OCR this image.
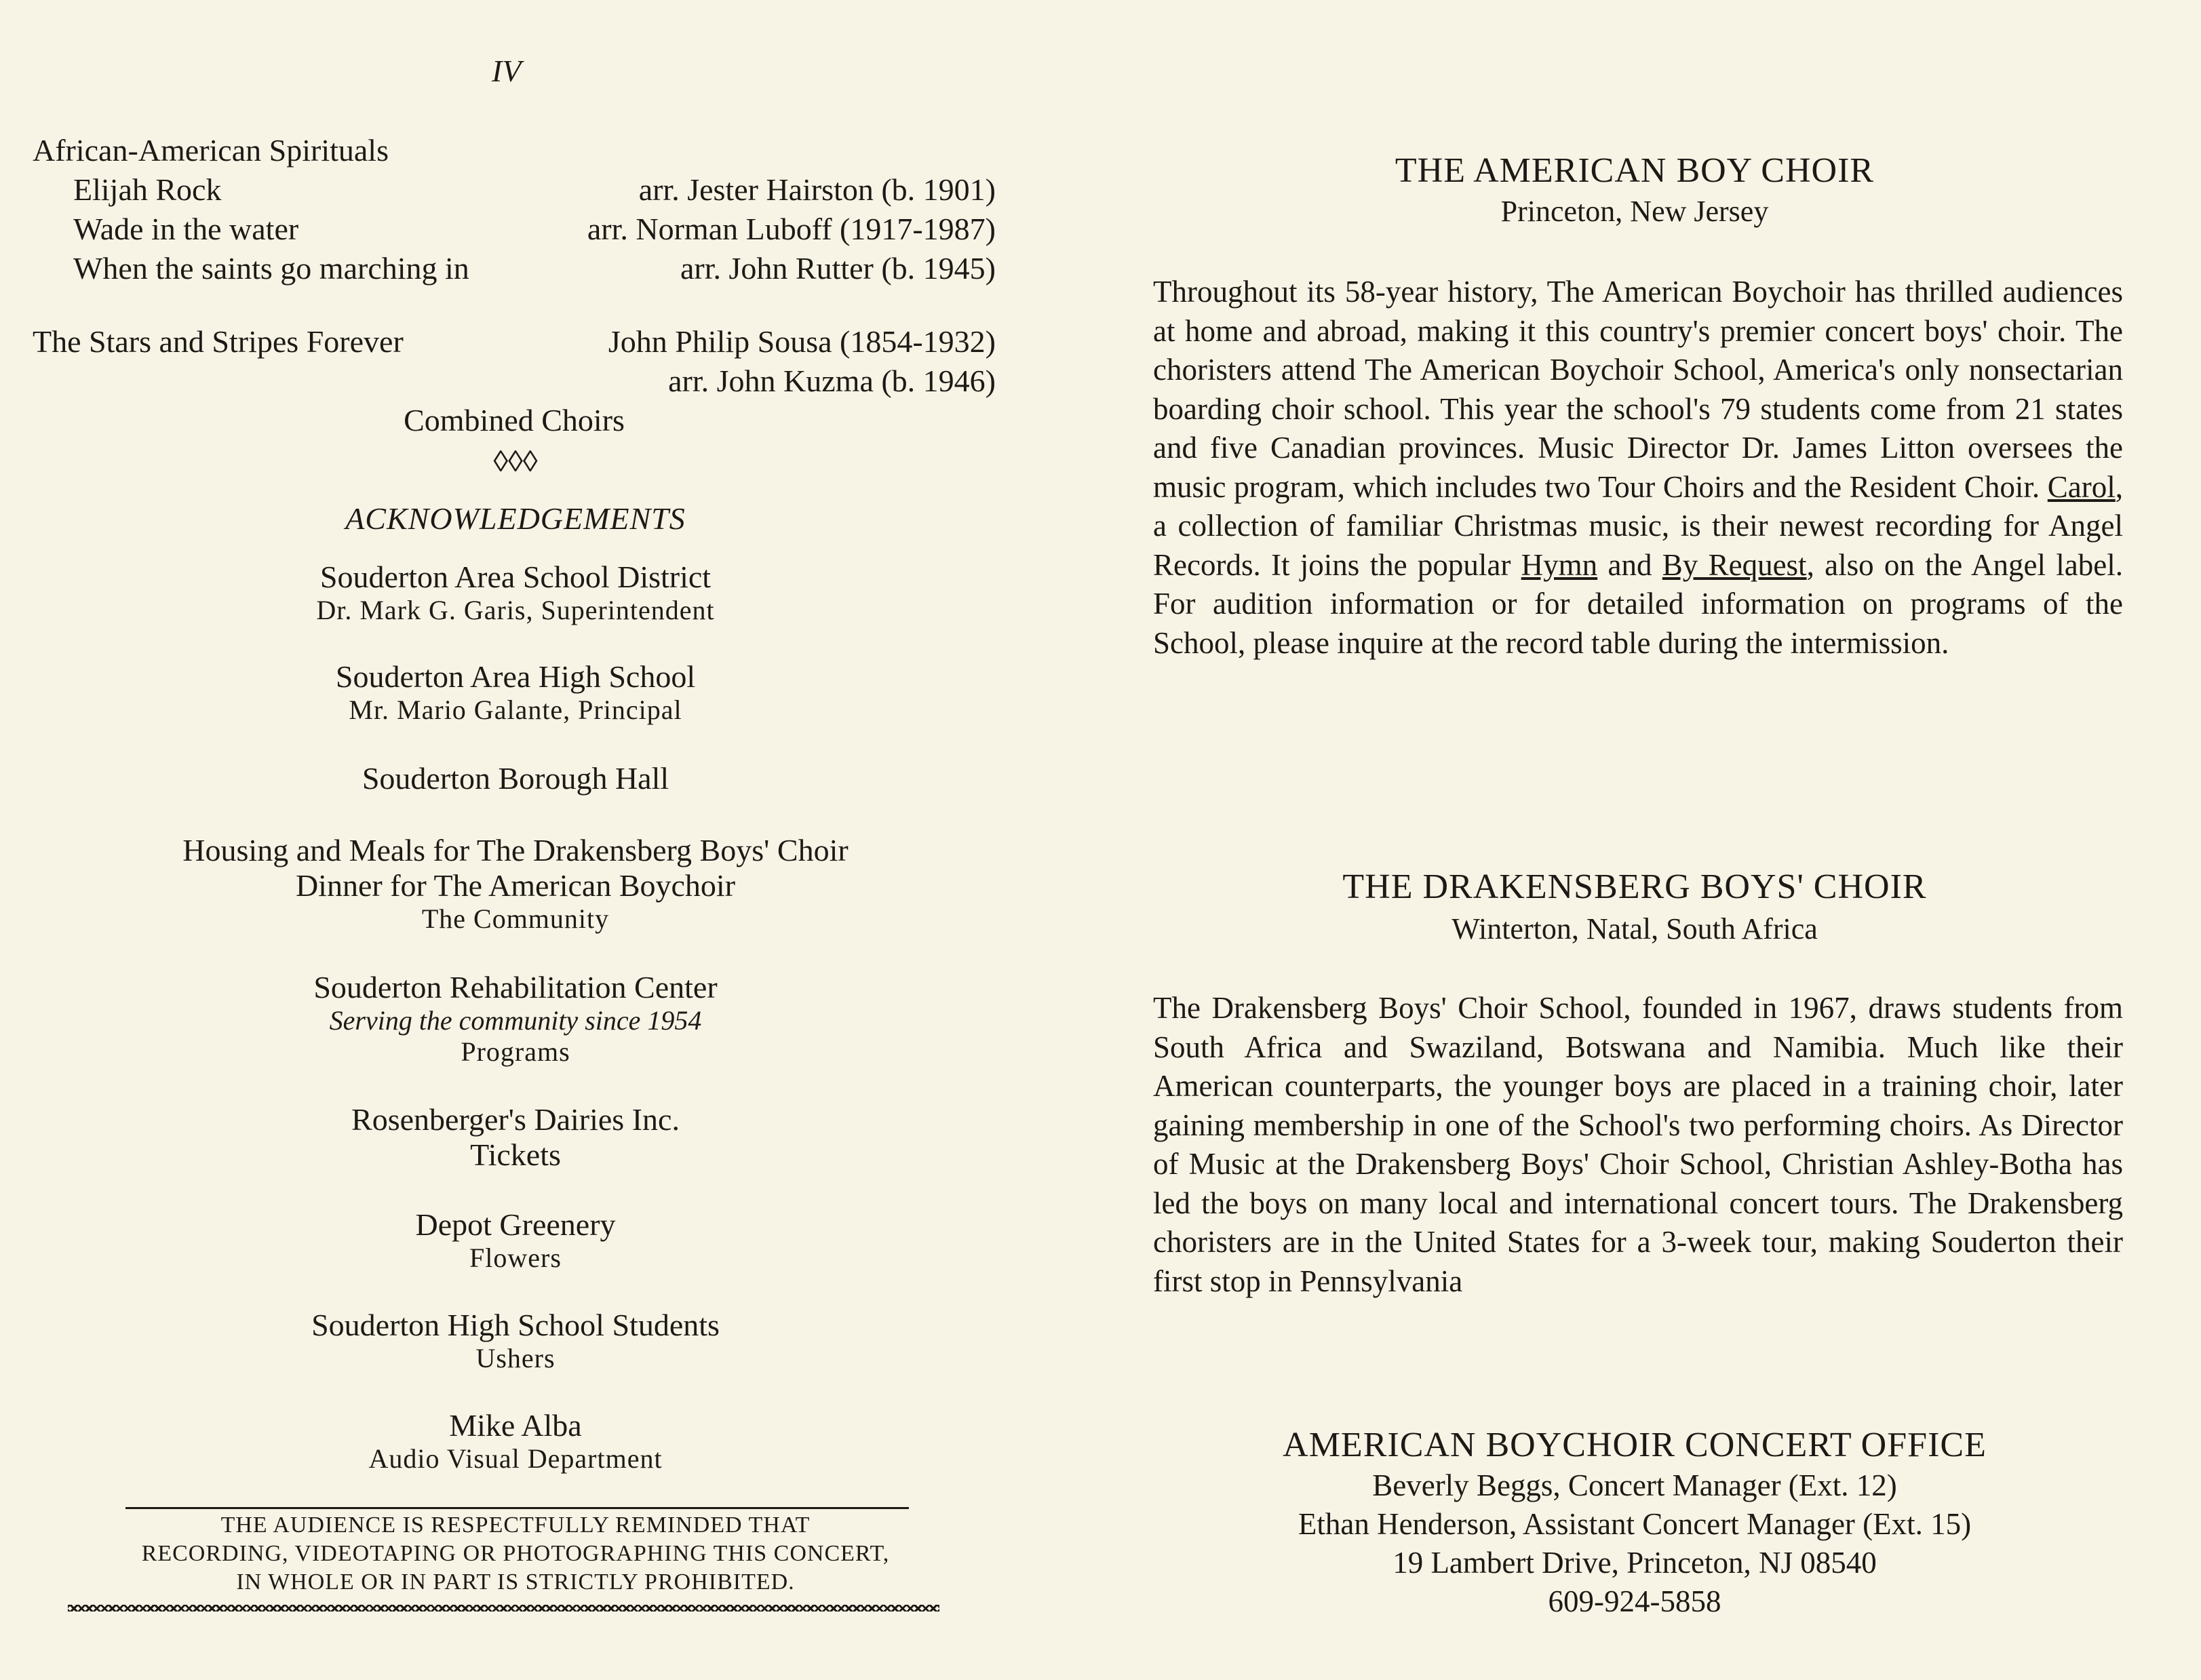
IV
African-American Spirituals
Elijah Rock	arr. Jester Hairston (b. 1901)
Wade in the water	arr. Norman Luboff (1917-1987)
When the saints go marching in	arr. John Rutter (b. 1945)
The Stars and Stripes Forever	John Philip Sousa (1854-1932)
arr. John Kuzma (b. 1946)
Combined Choirs
◊◊◊
ACKNOWLEDGEMENTS
Souderton Area School District
Dr. Mark G. Garis, Superintendent
Souderton Area High School
Mr. Mario Galante, Principal
Souderton Borough Hall
Housing and Meals for The Drakensberg Boys' Choir
Dinner for The American Boychoir
The Community
Souderton Rehabilitation Center
Serving the community since 1954
Programs
Rosenberger's Dairies Inc.
Tickets
Depot Greenery
Flowers
Souderton High School Students
Ushers
Mike Alba
Audio Visual Department
THE AUDIENCE IS RESPECTFULLY REMINDED THAT
RECORDING, VIDEOTAPING OR PHOTOGRAPHING THIS CONCERT,
IN WHOLE OR IN PART IS STRICTLY PROHIBITED.
THE AMERICAN BOY CHOIR
Princeton, New Jersey
Throughout its 58-year history, The American Boychoir has thrilled audiences at home and abroad, making it this country's premier concert boys' choir. The choristers attend The American Boychoir School, America's only nonsectarian boarding choir school. This year the school's 79 students come from 21 states and five Canadian provinces. Music Director Dr. James Litton oversees the music program, which includes two Tour Choirs and the Resident Choir. Carol, a collection of familiar Christmas music, is their newest recording for Angel Records. It joins the popular Hymn and By Request, also on the Angel label. For audition information or for detailed information on programs of the School, please inquire at the record table during the intermission.
THE DRAKENSBERG BOYS' CHOIR
Winterton, Natal, South Africa
The Drakensberg Boys' Choir School, founded in 1967, draws students from South Africa and Swaziland, Botswana and Namibia. Much like their American counterparts, the younger boys are placed in a training choir, later gaining membership in one of the School's two performing choirs. As Director of Music at the Drakensberg Boys' Choir School, Christian Ashley-Botha has led the boys on many local and international concert tours. The Drakensberg choristers are in the United States for a 3-week tour, making Souderton their first stop in Pennsylvania
AMERICAN BOYCHOIR CONCERT OFFICE
Beverly Beggs, Concert Manager (Ext. 12)
Ethan Henderson, Assistant Concert Manager (Ext. 15)
19 Lambert Drive, Princeton, NJ 08540
609-924-5858
